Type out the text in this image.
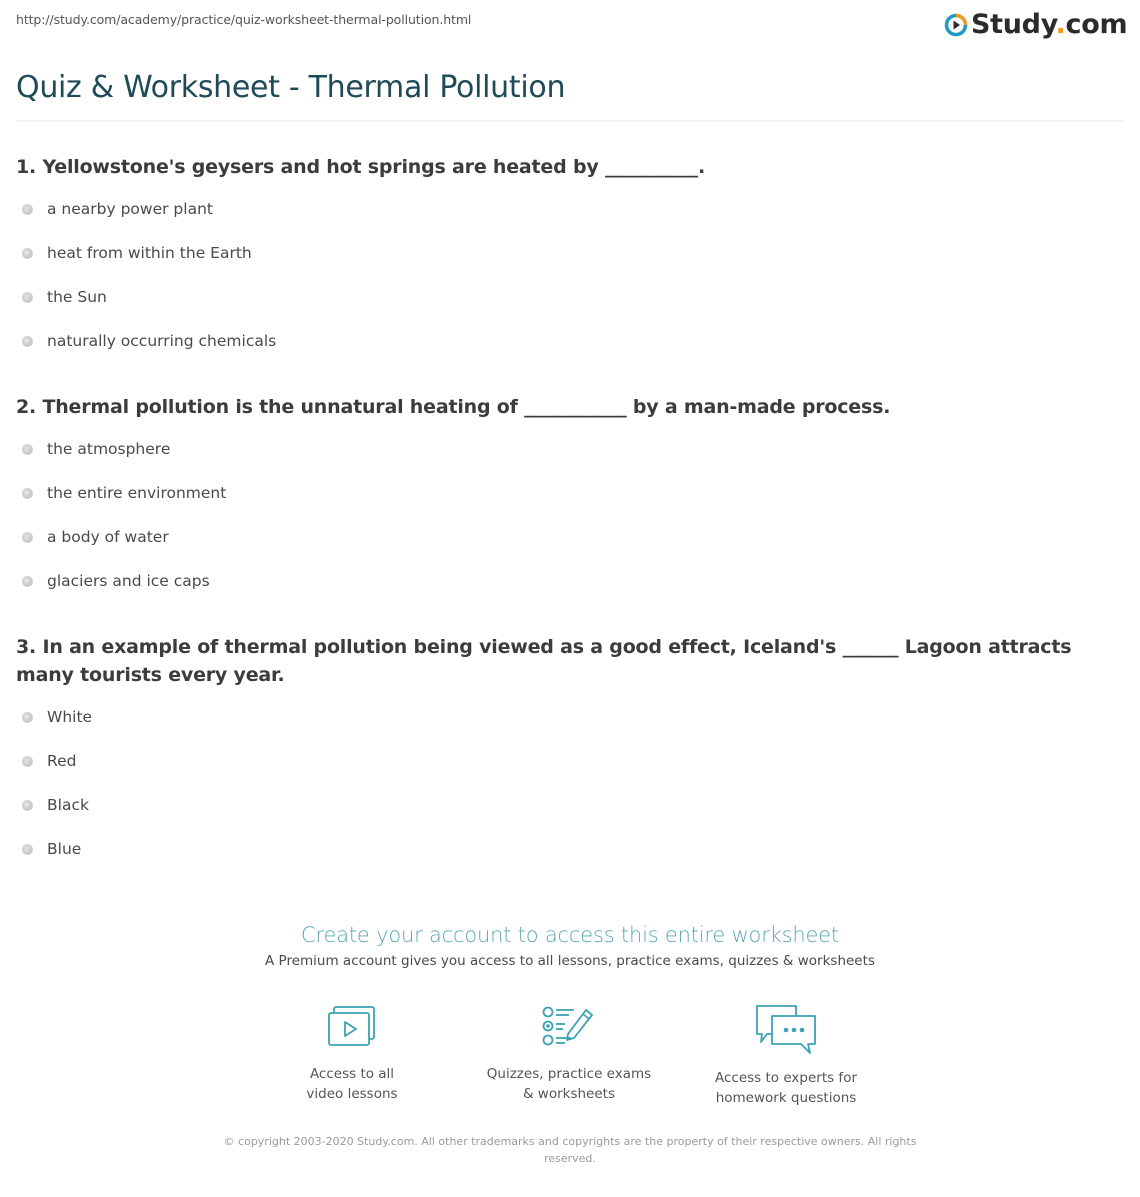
http://study.com/academy/practice/quiz-worksheet-thermal-pollution.html	Study.com
Quiz & Worksheet - Thermal Pollution
1. Yellowstone's geysers and hot springs are heated by __________.
a nearby power plant
heat from within the Earth
the Sun
naturally occurring chemicals
2. Thermal pollution is the unnatural heating of ___________ by a man-made process.
the atmosphere
the entire environment
a body of water
glaciers and ice caps
3. In an example of thermal pollution being viewed as a good effect, Iceland's ______ Lagoon attracts many tourists every year.
White
Red
Black
Blue
Create your account to access this entire worksheet
A Premium account gives you access to all lessons, practice exams, quizzes & worksheets
Access to all
video lessons
Quizzes, practice exams
& worksheets
Access to experts for
homework questions
© copyright 2003-2020 Study.com. All other trademarks and copyrights are the property of their respective owners. All rights reserved.
